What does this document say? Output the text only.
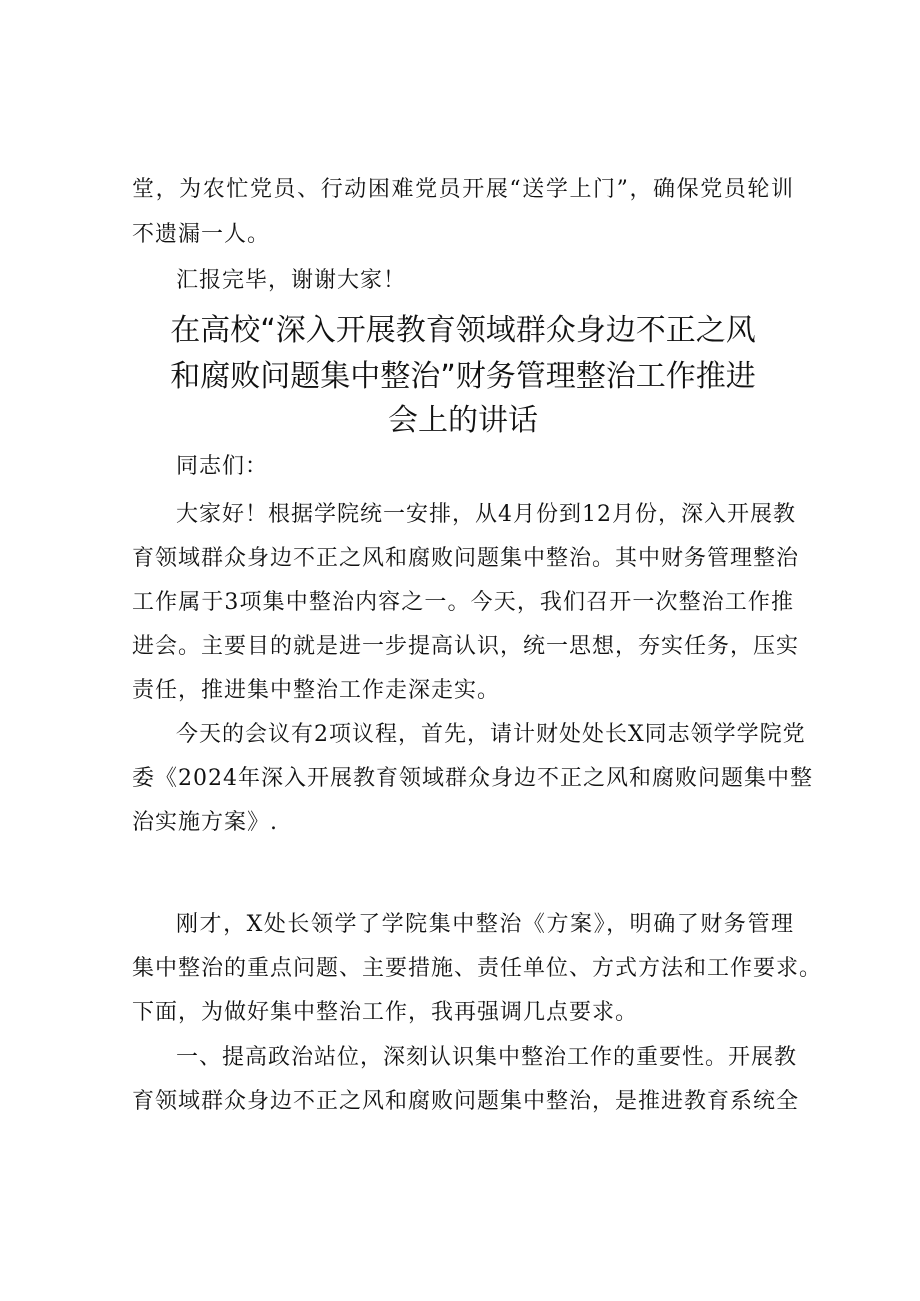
堂，为农忙党员、行动困难党员开展“送学上门”，确保党员轮训
不遗漏一人。
汇报完毕，谢谢大家！
在高校“深入开展教育领域群众身边不正之风
和腐败问题集中整治”财务管理整治工作推进
会上的讲话
同志们：
大家好！根据学院统一安排，从4月份到12月份，深入开展教
育领域群众身边不正之风和腐败问题集中整治。其中财务管理整治
工作属于3项集中整治内容之一。今天，我们召开一次整治工作推
进会。主要目的就是进一步提高认识，统一思想，夯实任务，压实
责任，推进集中整治工作走深走实。
今天的会议有2项议程，首先，请计财处处长X同志领学学院党
委《2024年深入开展教育领域群众身边不正之风和腐败问题集中整
治实施方案》.
刚才，X处长领学了学院集中整治《方案》，明确了财务管理
集中整治的重点问题、主要措施、责任单位、方式方法和工作要求。
下面，为做好集中整治工作，我再强调几点要求。
一、提高政治站位，深刻认识集中整治工作的重要性。开展教
育领域群众身边不正之风和腐败问题集中整治，是推进教育系统全
